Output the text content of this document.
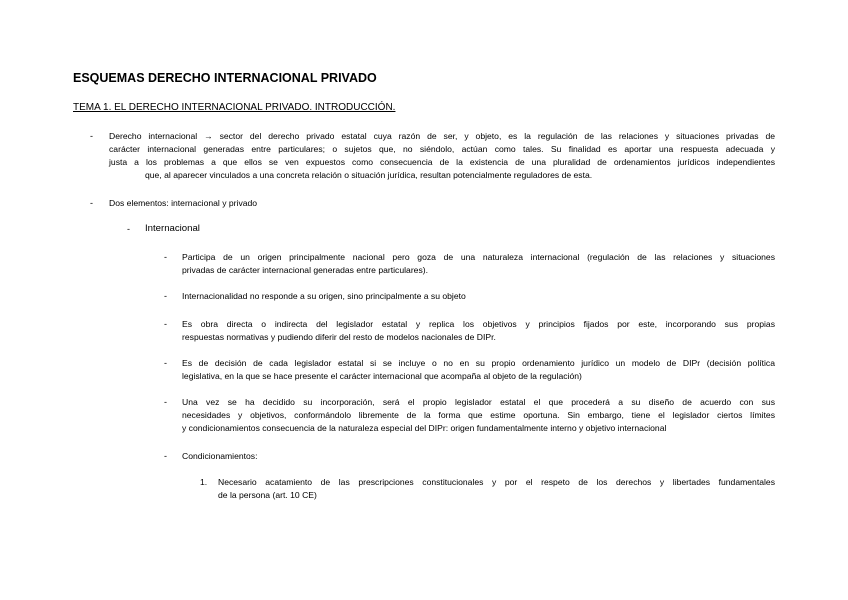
ESQUEMAS DERECHO INTERNACIONAL PRIVADO
TEMA 1. EL DERECHO INTERNACIONAL PRIVADO. INTRODUCCIÓN.
- Derecho internacional → sector del derecho privado estatal cuya razón de ser, y objeto, es la regulación de las relaciones y situaciones privadas de
carácter internacional generadas entre particulares; o sujetos que, no siéndolo, actúan como tales. Su finalidad es aportar una respuesta adecuada y
justa a los problemas a que ellos se ven expuestos como consecuencia de la existencia de una pluralidad de ordenamientos jurídicos independientes
que, al aparecer vinculados a una concreta relación o situación jurídica, resultan potencialmente reguladores de esta.
- Dos elementos: internacional y privado
- Internacional
- Participa de un origen principalmente nacional pero goza de una naturaleza internacional (regulación de las relaciones y situaciones
privadas de carácter internacional generadas entre particulares).
- Internacionalidad no responde a su origen, sino principalmente a su objeto
- Es obra directa o indirecta del legislador estatal y replica los objetivos y principios fijados por este, incorporando sus propias
respuestas normativas y pudiendo diferir del resto de modelos nacionales de DIPr.
- Es de decisión de cada legislador estatal si se incluye o no en su propio ordenamiento jurídico un modelo de DIPr (decisión política
legislativa, en la que se hace presente el carácter internacional que acompaña al objeto de la regulación)
- Una vez se ha decidido su incorporación, será el propio legislador estatal el que procederá a su diseño de acuerdo con sus
necesidades y objetivos, conformándolo libremente de la forma que estime oportuna. Sin embargo, tiene el legislador ciertos límites
y condicionamientos consecuencia de la naturaleza especial del DIPr: origen fundamentalmente interno y objetivo internacional
- Condicionamientos:
1. Necesario acatamiento de las prescripciones constitucionales y por el respeto de los derechos y libertades fundamentales
de la persona (art. 10 CE)
